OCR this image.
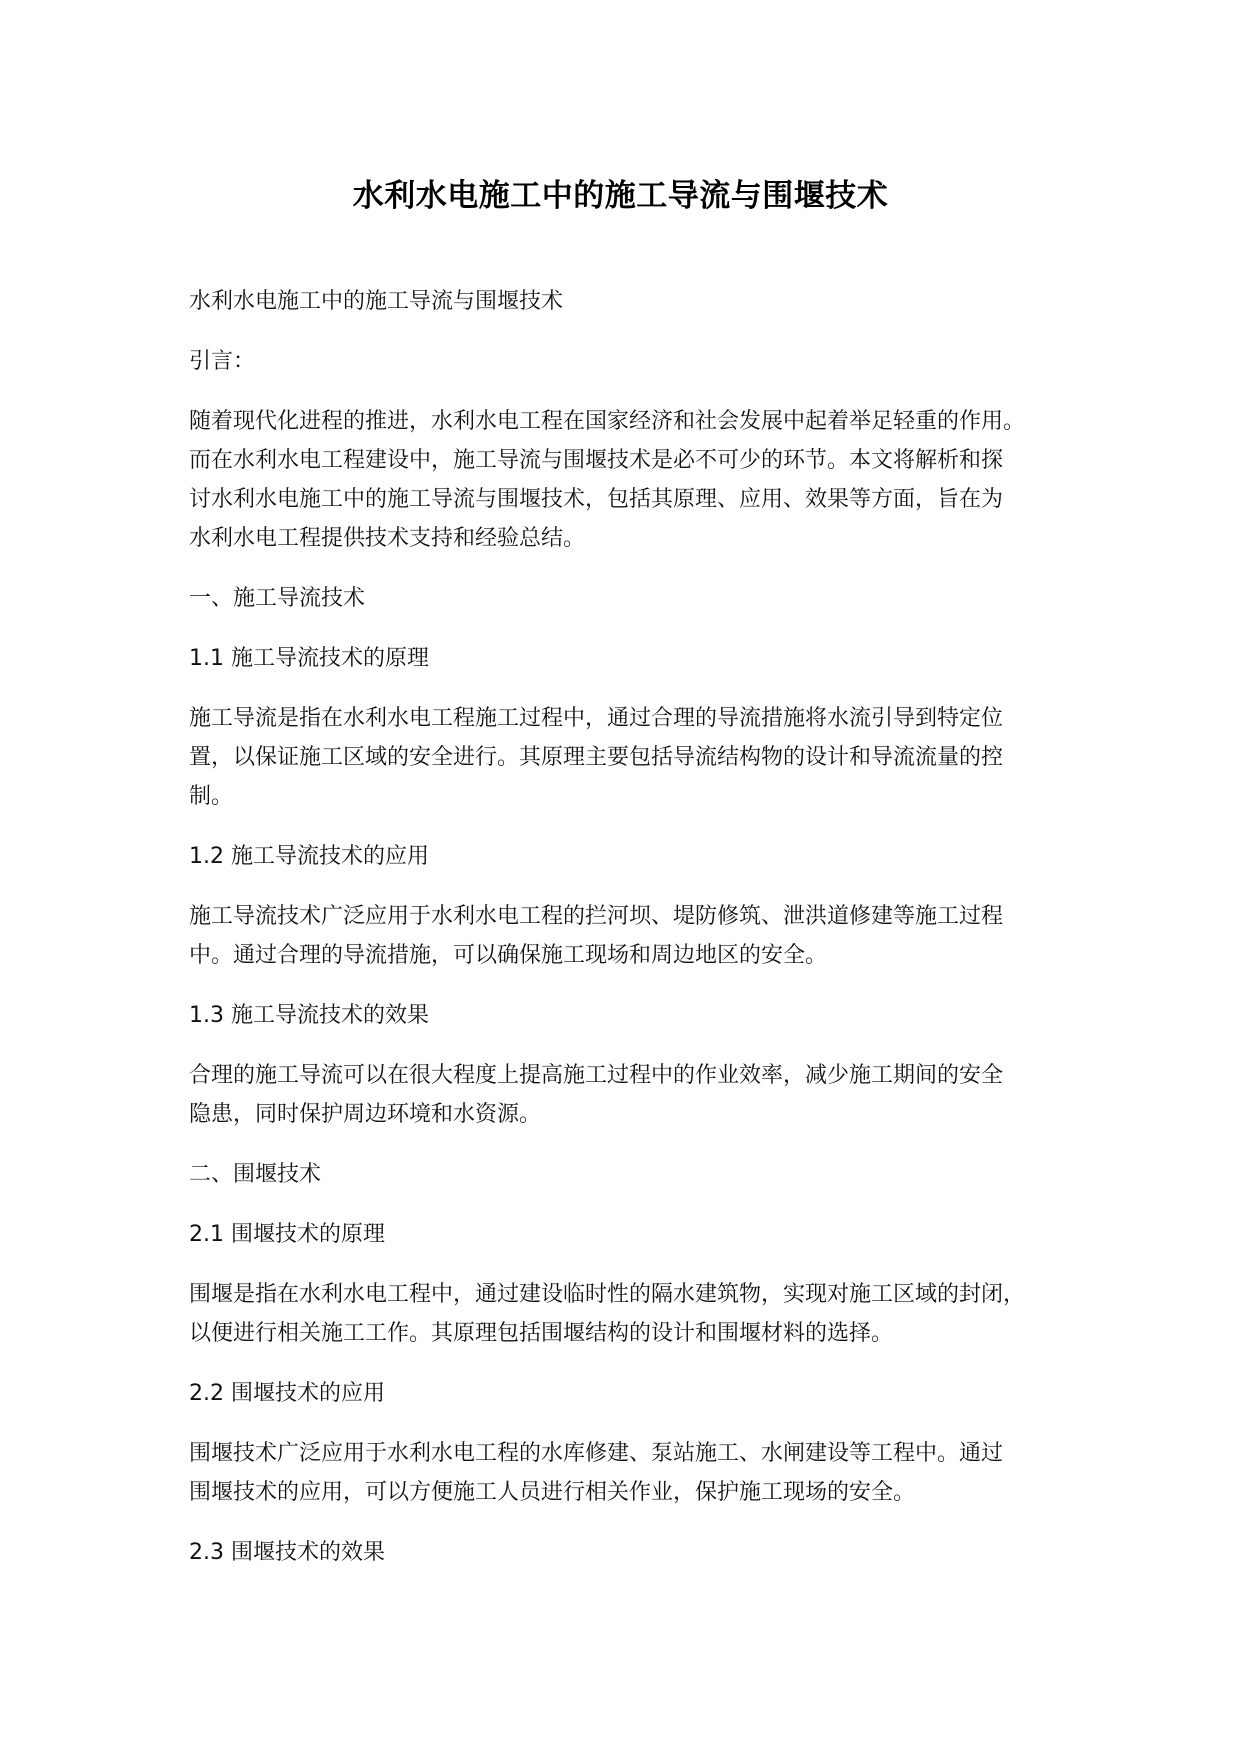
水利水电施工中的施工导流与围堰技术
水利水电施工中的施工导流与围堰技术
引言：
随着现代化进程的推进，水利水电工程在国家经济和社会发展中起着举足轻重的作用。
而在水利水电工程建设中，施工导流与围堰技术是必不可少的环节。本文将解析和探
讨水利水电施工中的施工导流与围堰技术，包括其原理、应用、效果等方面，旨在为
水利水电工程提供技术支持和经验总结。
一、施工导流技术
1.1 施工导流技术的原理
施工导流是指在水利水电工程施工过程中，通过合理的导流措施将水流引导到特定位
置，以保证施工区域的安全进行。其原理主要包括导流结构物的设计和导流流量的控
制。
1.2 施工导流技术的应用
施工导流技术广泛应用于水利水电工程的拦河坝、堤防修筑、泄洪道修建等施工过程
中。通过合理的导流措施，可以确保施工现场和周边地区的安全。
1.3 施工导流技术的效果
合理的施工导流可以在很大程度上提高施工过程中的作业效率，减少施工期间的安全
隐患，同时保护周边环境和水资源。
二、围堰技术
2.1 围堰技术的原理
围堰是指在水利水电工程中，通过建设临时性的隔水建筑物，实现对施工区域的封闭，
以便进行相关施工工作。其原理包括围堰结构的设计和围堰材料的选择。
2.2 围堰技术的应用
围堰技术广泛应用于水利水电工程的水库修建、泵站施工、水闸建设等工程中。通过
围堰技术的应用，可以方便施工人员进行相关作业，保护施工现场的安全。
2.3 围堰技术的效果
